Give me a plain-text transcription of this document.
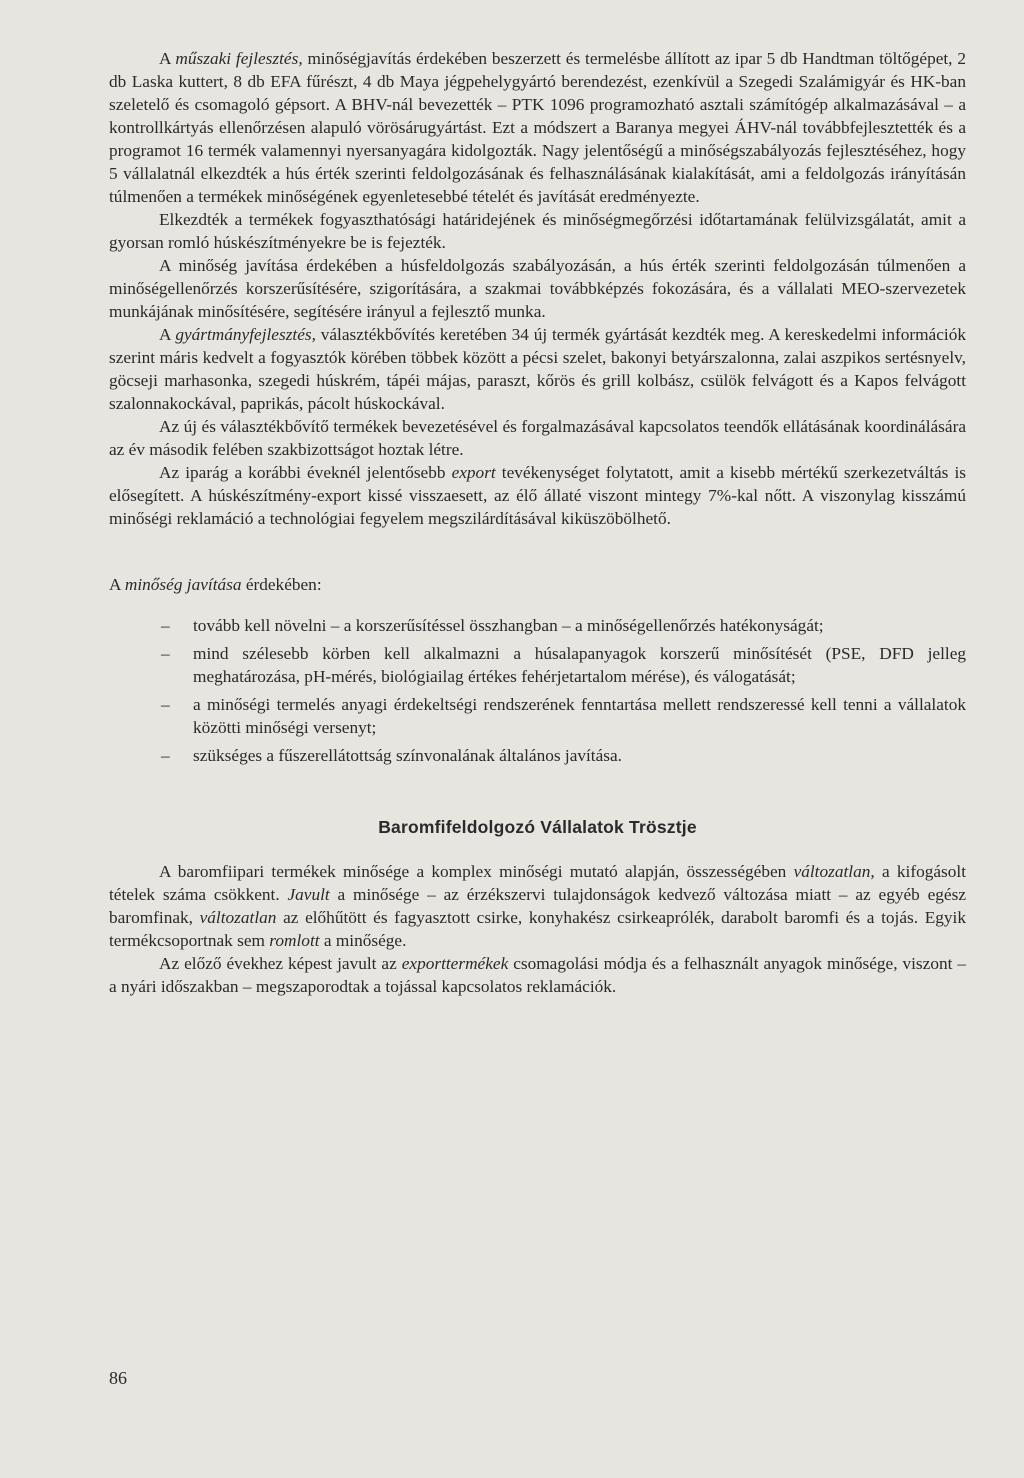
A műszaki fejlesztés, minőségjavítás érdekében beszerzett és termelésbe állított az ipar 5 db Handtman töltőgépet, 2 db Laska kuttert, 8 db EFA fűrészt, 4 db Maya jégpehelygyártó berendezést, ezenkívül a Szegedi Szalámigyár és HK-ban szeletelő és csomagoló gépsort. A BHV-nál bevezették – PTK 1096 programozható asztali számítógép alkalmazásával – a kontrollkártyás ellenőrzésen alapuló vörösárugyártást. Ezt a módszert a Baranya megyei ÁHV-nál továbbfejlesztették és a programot 16 termék valamennyi nyersanyagára kidolgozták. Nagy jelentőségű a minőségszabályozás fejlesztéséhez, hogy 5 vállalatnál elkezdték a hús érték szerinti feldolgozásának és felhasználásának kialakítását, ami a feldolgozás irányításán túlmenően a termékek minőségének egyenletesebbé tételét és javítását eredményezte.

Elkezdték a termékek fogyaszthatósági határidejének és minőségmegőrzési időtartamának felülvizsgálatát, amit a gyorsan romló húskészítményekre be is fejezték.

A minőség javítása érdekében a húsfeldolgozás szabályozásán, a hús érték szerinti feldolgozásán túlmenően a minőségellenőrzés korszerűsítésére, szigorítására, a szakmai továbbképzés fokozására, és a vállalati MEO-szervezetek munkájának minősítésére, segítésére irányul a fejlesztő munka.

A gyártmányfejlesztés, választékbővítés keretében 34 új termék gyártását kezdték meg. A kereskedelmi információk szerint máris kedvelt a fogyasztók körében többek között a pécsi szelet, bakonyi betyárszalonna, zalai aszpikos sertésnyelv, göcseji marhasonka, szegedi húskrém, tápéi májas, paraszt, kőrös és grill kolbász, csülök felvágott és a Kapos felvágott szalonnakockával, paprikás, pácolt húskockával.

Az új és választékbővítő termékek bevezetésével és forgalmazásával kapcsolatos teendők ellátásának koordinálására az év második felében szakbizottságot hoztak létre.

Az iparág a korábbi éveknél jelentősebb export tevékenységet folytatott, amit a kisebb mértékű szerkezetváltás is elősegített. A húskészítmény-export kissé visszaesett, az élő állaté viszont mintegy 7%-kal nőtt. A viszonylag kisszámú minőségi reklamáció a technológiai fegyelem megszilárdításával kiküszöbölhető.

A minőség javítása érdekében:

– tovább kell növelni – a korszerűsítéssel összhangban – a minőségellenőrzés hatékonyságát;
– mind szélesebb körben kell alkalmazni a húsalapanyagok korszerű minősítését (PSE, DFD jelleg meghatározása, pH-mérés, biológiailag értékes fehérjetartalom mérése), és válogatását;
– a minőségi termelés anyagi érdekeltségi rendszerének fenntartása mellett rendszeressé kell tenni a vállalatok közötti minőségi versenyt;
– szükséges a fűszerellátottság színvonalának általános javítása.
Baromfifeldolgozó Vállalatok Trösztje

A baromfiipari termékek minősége a komplex minőségi mutató alapján, összességében változatlan, a kifogásolt tételek száma csökkent. Javult a minősége – az érzékszervi tulajdonságok kedvező változása miatt – az egyéb egész baromfinak, változatlan az előhűtött és fagyasztott csirke, konyhakész csirkeaprólék, darabolt baromfi és a tojás. Egyik termékcsoportnak sem romlott a minősége.

Az előző évekhez képest javult az exporttermékek csomagolási módja és a felhasznált anyagok minősége, viszont – a nyári időszakban – megszaporodtak a tojással kapcsolatos reklamációk.

86
